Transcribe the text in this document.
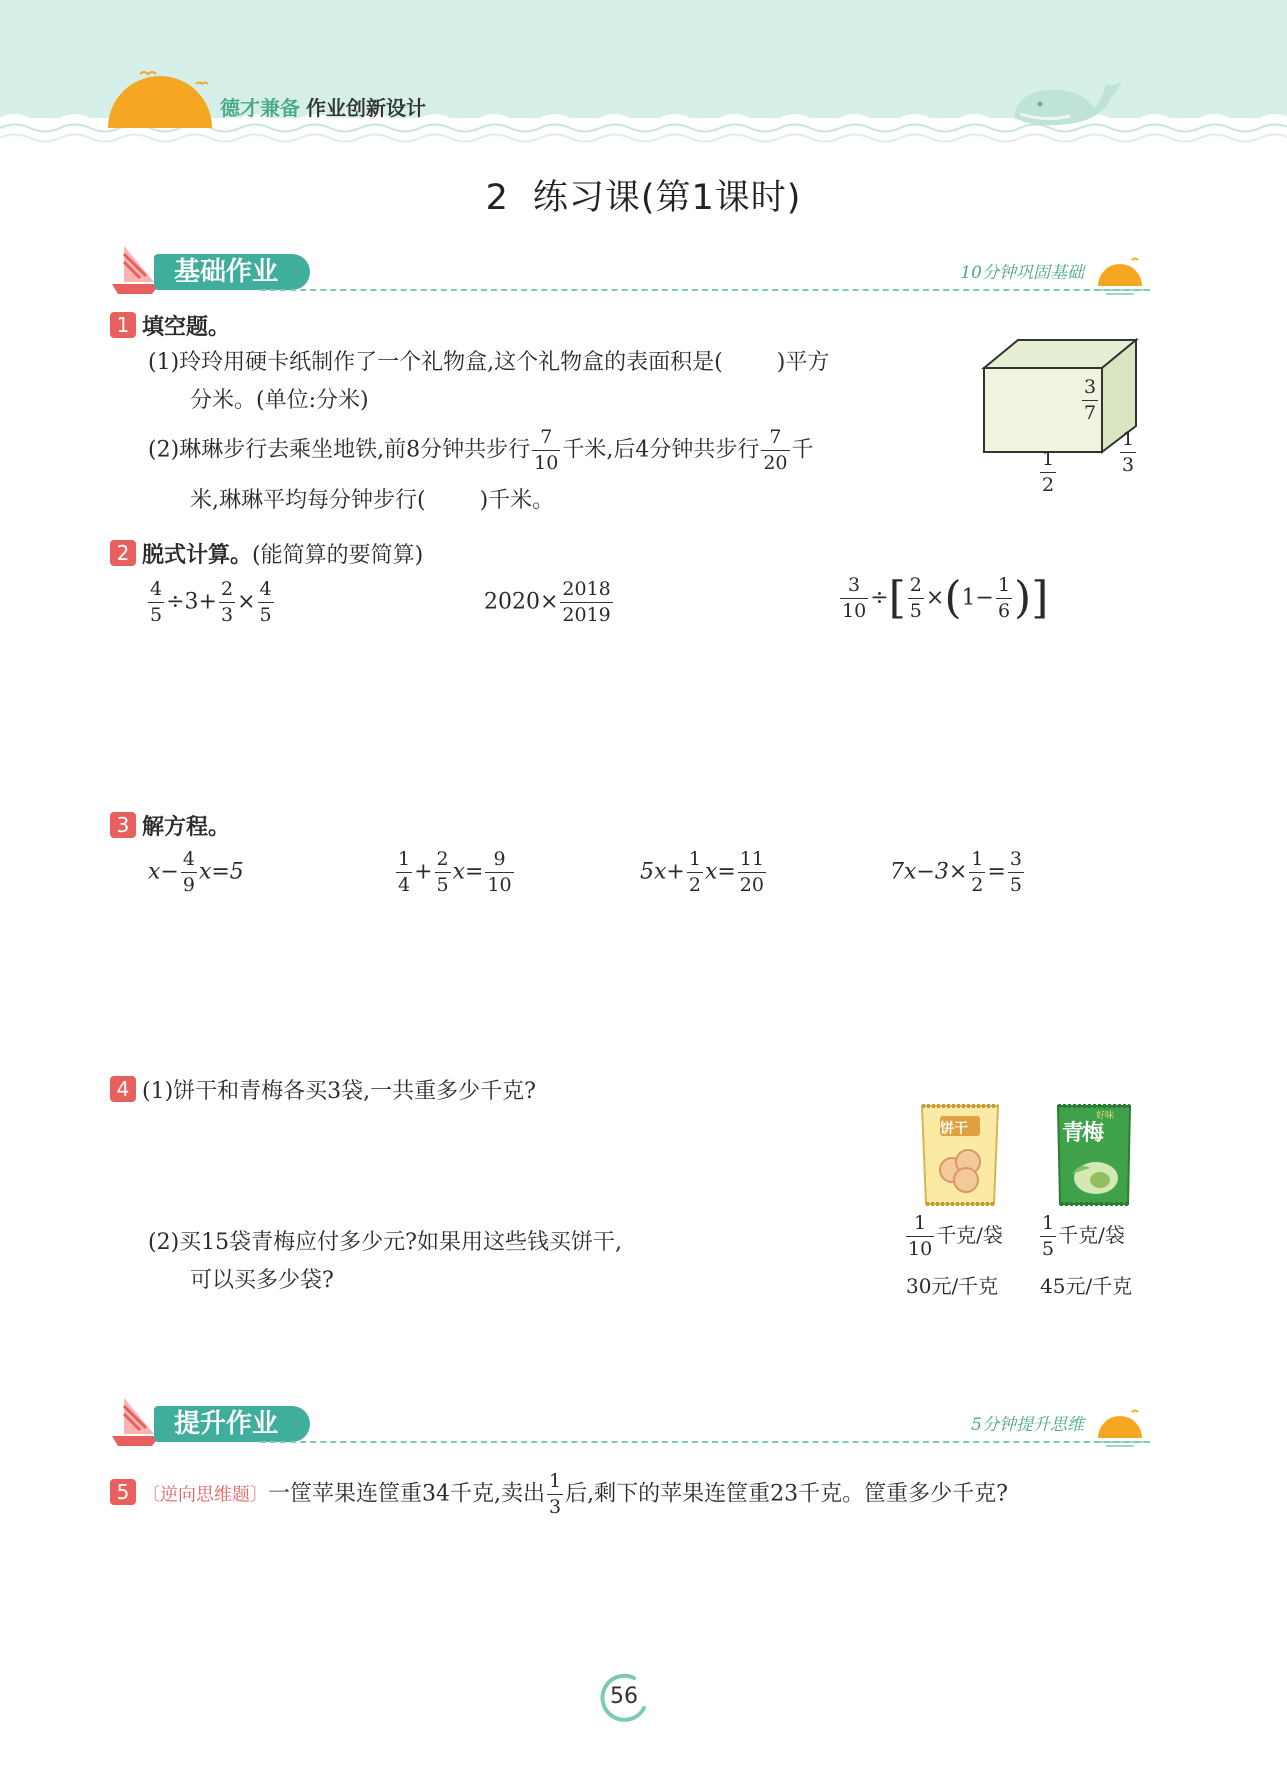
德才兼备 作业创新设计
2 练习课(第1课时)
基础作业	10分钟巩固基础
1 填空题。
(1)玲玲用硬卡纸制作了一个礼物盒,这个礼物盒的表面积是( )平方
分米。(单位:分米)
(2)琳琳步行去乘坐地铁,前8分钟共步行 $\frac{7}{10}$ 千米,后4分钟共步行 $\frac{7}{20}$ 千
米,琳琳平均每分钟步行( )千米。
$\frac{3}{7}$
$\frac{1}{3}$
$\frac{1}{2}$
2 脱式计算。(能简算的要简算)
$\frac{4}{5} \div 3+ \frac{2}{3} \times \frac{4}{5}$	$2020\times \frac{2018}{2019}$	$\frac{3}{10}$ ÷[ $\frac{2}{5} \times(1- \frac{1}{6}$ )]
3 解方程。
$x- \frac{4}{9} x=5$	$\frac{1}{4} + \frac{2}{5} x= \frac{9}{10}$	$5x+ \frac{1}{2} x= \frac{11}{20}$	$7x-3\times \frac{1}{2} = \frac{3}{5}$
4 (1)饼干和青梅各买3袋,一共重多少千克?
(2)买15袋青梅应付多少元?如果用这些钱买饼干,
可以买多少袋?
饼干	青梅
好味
$\frac{1}{10}$ 千克/袋 $\frac{1}{5}$ 千克/袋
30元/千克 45元/千克
提升作业	5分钟提升思维
5 〔逆向思维题〕一筐苹果连筐重34千克,卖出 $\frac{1}{3}$ 后,剩下的苹果连筐重23千克。筐重多少千克?
56
